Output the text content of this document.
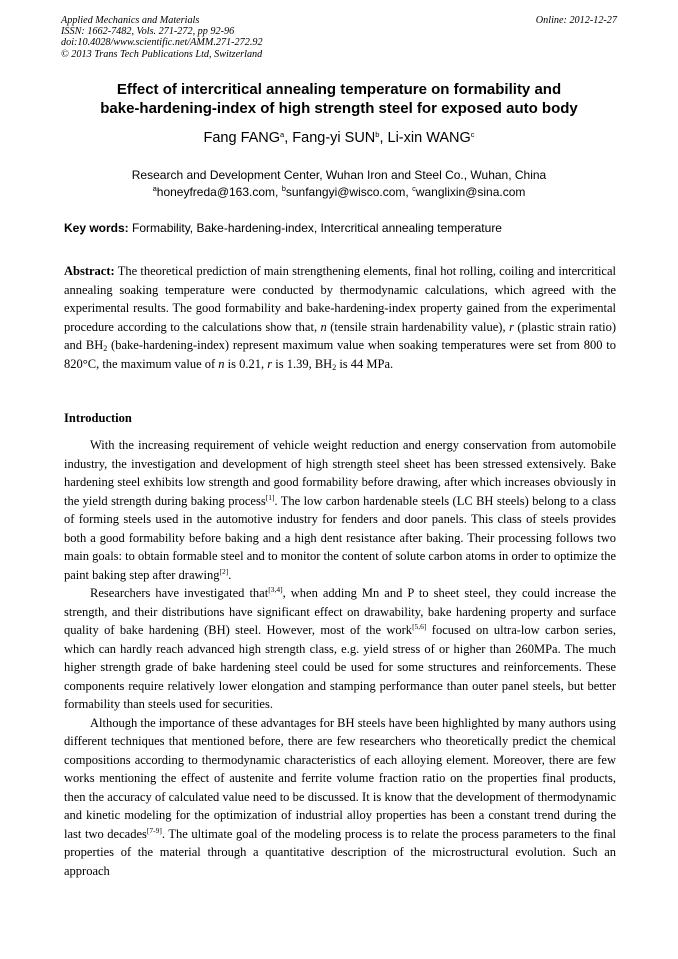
Applied Mechanics and Materials
ISSN: 1662-7482, Vols. 271-272, pp 92-96
doi:10.4028/www.scientific.net/AMM.271-272.92
© 2013 Trans Tech Publications Ltd, Switzerland
Online: 2012-12-27
Effect of intercritical annealing temperature on formability and
bake-hardening-index of high strength steel for exposed auto body
Fang FANG$^a$, Fang-yi SUN$^b$, Li-xin WANG$^c$
Research and Development Center, Wuhan Iron and Steel Co., Wuhan, China
$^a$honeyfreda@163.com, $^b$sunfangyi@wisco.com, $^c$wanglixin@sina.com
Key words: Formability, Bake-hardening-index, Intercritical annealing temperature
Abstract: The theoretical prediction of main strengthening elements, final hot rolling, coiling and intercritical annealing soaking temperature were conducted by thermodynamic calculations, which agreed with the experimental results. The good formability and bake-hardening-index property gained from the experimental procedure according to the calculations show that, n (tensile strain hardenability value), r (plastic strain ratio) and $BH_2$ (bake-hardening-index) represent maximum value when soaking temperatures were set from 800 to 820°C, the maximum value of n is 0.21, r is 1.39, $BH_2$ is 44 MPa.
Introduction

With the increasing requirement of vehicle weight reduction and energy conservation from automobile industry, the investigation and development of high strength steel sheet has been stressed extensively. Bake hardening steel exhibits low strength and good formability before drawing, after which increases obviously in the yield strength during baking process[1]. The low carbon hardenable steels (LC BH steels) belong to a class of forming steels used in the automotive industry for fenders and door panels. This class of steels provides both a good formability before baking and a high dent resistance after baking. Their processing follows two main goals: to obtain formable steel and to monitor the content of solute carbon atoms in order to optimize the paint baking step after drawing[2].

Researchers have investigated that[3,4], when adding Mn and P to sheet steel, they could increase the strength, and their distributions have significant effect on drawability, bake hardening property and surface quality of bake hardening (BH) steel. However, most of the work[5,6] focused on ultra-low carbon series, which can hardly reach advanced high strength class, e.g. yield stress of or higher than 260MPa. The much higher strength grade of bake hardening steel could be used for some structures and reinforcements. These components require relatively lower elongation and stamping performance than outer panel steels, but better formability than steels used for securities.

Although the importance of these advantages for BH steels have been highlighted by many authors using different techniques that mentioned before, there are few researchers who theoretically predict the chemical compositions according to thermodynamic characteristics of each alloying element. Moreover, there are few works mentioning the effect of austenite and ferrite volume fraction ratio on the properties final products, then the accuracy of calculated value need to be discussed. It is know that the development of thermodynamic and kinetic modeling for the optimization of industrial alloy properties has been a constant trend during the last two decades[7-9]. The ultimate goal of the modeling process is to relate the process parameters to the final properties of the material through a quantitative description of the microstructural evolution. Such an approach
